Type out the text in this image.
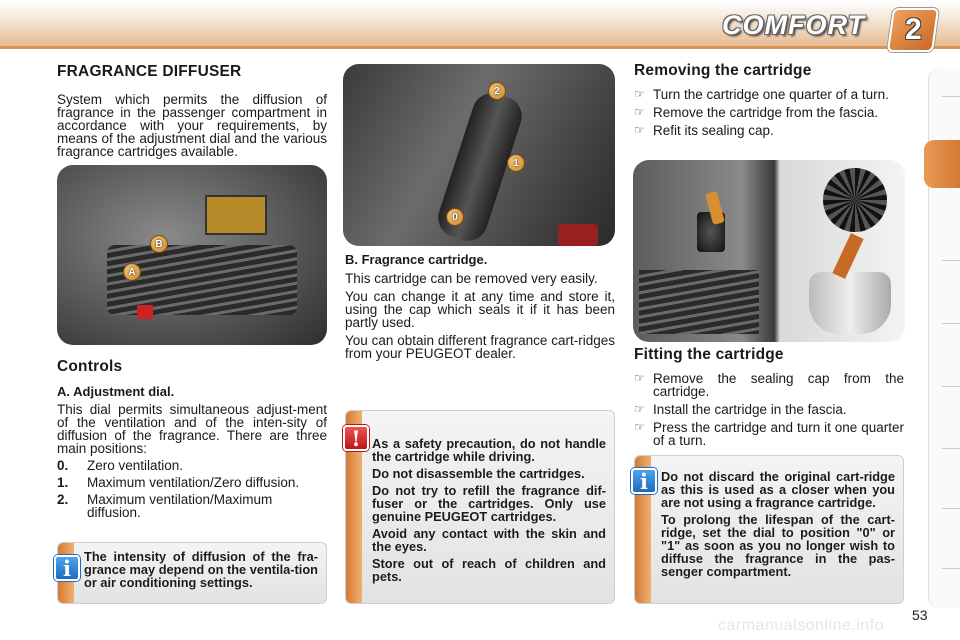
COMFORT 2
FRAGRANCE DIFFUSER

System which permits the diffusion of fragrance in the passenger compartment in accordance with your requirements, by means of the adjustment dial and the various fragrance cartridges available.

B
A
Controls

A. Adjustment dial.

This dial permits simultaneous adjust-ment of the ventilation and of the inten-sity of diffusion of the fragrance. There are three main positions:

0. Zero ventilation.
1. Maximum ventilation/Zero diffusion.
2. Maximum ventilation/Maximum diffusion.
i The intensity of diffusion of the fra-grance may depend on the ventila-tion or air conditioning settings.

2
1
0

B. Fragrance cartridge.

This cartridge can be removed very easily.

You can change it at any time and store it, using the cap which seals it if it has been partly used.

You can obtain different fragrance cart-ridges from your PEUGEOT dealer.

! As a safety precaution, do not handle the cartridge while driving.

Do not disassemble the cartridges.

Do not try to refill the fragrance dif-fuser or the cartridges. Only use genuine PEUGEOT cartridges.

Avoid any contact with the skin and the eyes.

Store out of reach of children and pets.

Removing the cartridge
☞ Turn the cartridge one quarter of a turn.
☞ Remove the cartridge from the fascia.
☞ Refit its sealing cap.
Fitting the cartridge
☞ Remove the sealing cap from the cartridge.
☞ Install the cartridge in the fascia.
☞ Press the cartridge and turn it one quarter of a turn.
i Do not discard the original cart-ridge as this is used as a closer when you are not using a fragrance cartridge.

To prolong the lifespan of the cart-ridge, set the dial to position "0" or "1" as soon as you no longer wish to diffuse the fragrance in the pas-senger compartment.

53
carmanualsonline.info
